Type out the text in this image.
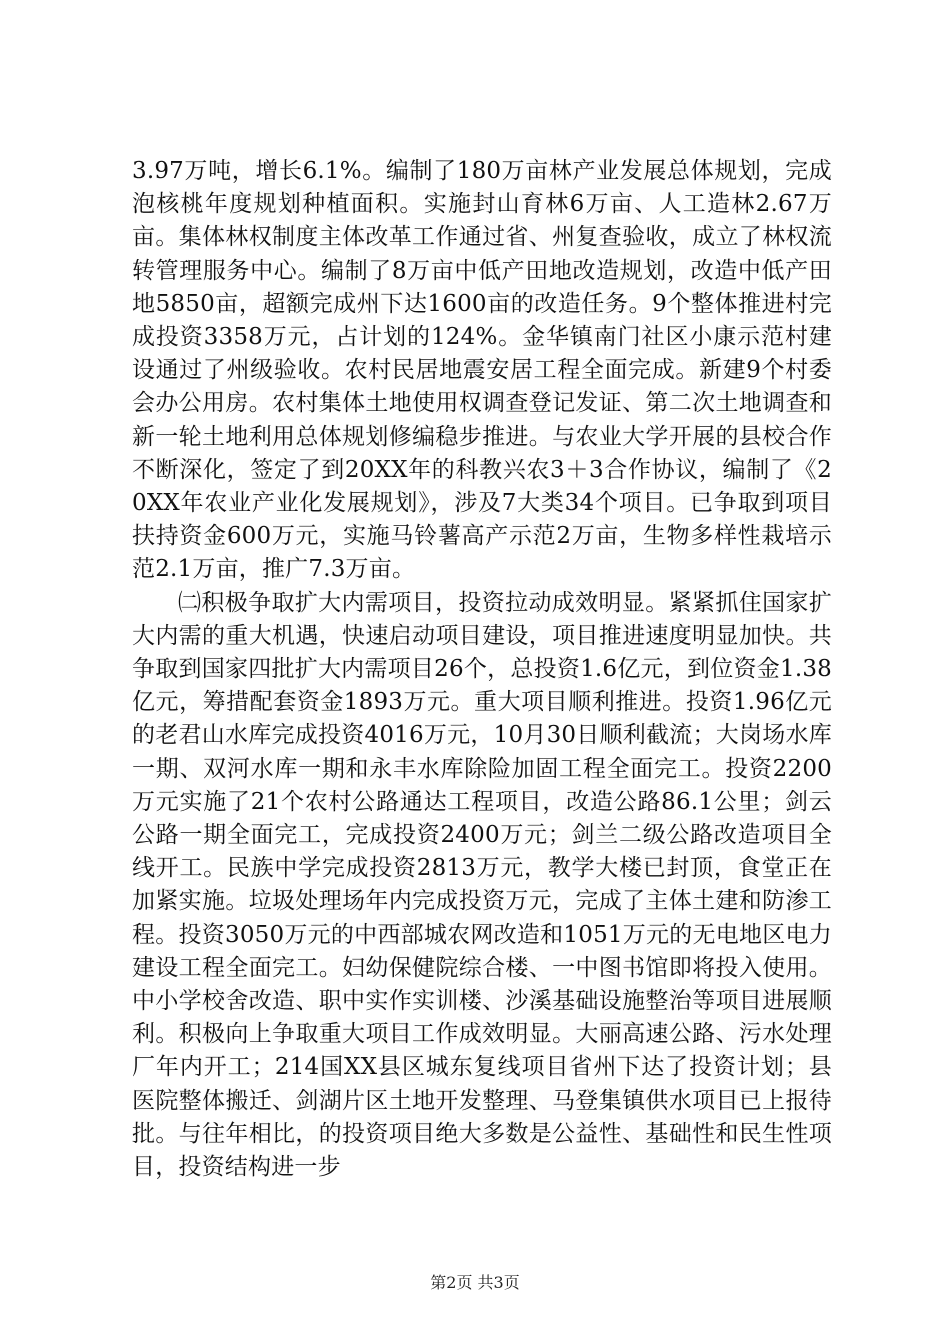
3.97万吨，增长6.1%。编制了180万亩林产业发展总体规划，完成泡核桃年度规划种植面积。实施封山育林6万亩、人工造林2.67万亩。集体林权制度主体改革工作通过省、州复查验收，成立了林权流转管理服务中心。编制了8万亩中低产田地改造规划，改造中低产田地5850亩，超额完成州下达1600亩的改造任务。9个整体推进村完成投资3358万元，占计划的124%。金华镇南门社区小康示范村建设通过了州级验收。农村民居地震安居工程全面完成。新建9个村委会办公用房。农村集体土地使用权调查登记发证、第二次土地调查和新一轮土地利用总体规划修编稳步推进。与农业大学开展的县校合作不断深化，签定了到20XX年的科教兴农3＋3合作协议，编制了《20XX年农业产业化发展规划》，涉及7大类34个项目。已争取到项目扶持资金600万元，实施马铃薯高产示范2万亩，生物多样性栽培示范2.1万亩，推广7.3万亩。

㈡积极争取扩大内需项目，投资拉动成效明显。紧紧抓住国家扩大内需的重大机遇，快速启动项目建设，项目推进速度明显加快。共争取到国家四批扩大内需项目26个，总投资1.6亿元，到位资金1.38亿元，筹措配套资金1893万元。重大项目顺利推进。投资1.96亿元的老君山水库完成投资4016万元，10月30日顺利截流；大岗场水库一期、双河水库一期和永丰水库除险加固工程全面完工。投资2200万元实施了21个农村公路通达工程项目，改造公路86.1公里；剑云公路一期全面完工，完成投资2400万元；剑兰二级公路改造项目全线开工。民族中学完成投资2813万元，教学大楼已封顶，食堂正在加紧实施。垃圾处理场年内完成投资万元，完成了主体土建和防渗工程。投资3050万元的中西部城农网改造和1051万元的无电地区电力建设工程全面完工。妇幼保健院综合楼、一中图书馆即将投入使用。中小学校舍改造、职中实作实训楼、沙溪基础设施整治等项目进展顺利。积极向上争取重大项目工作成效明显。大丽高速公路、污水处理厂年内开工；214国XX县区城东复线项目省州下达了投资计划；县医院整体搬迁、剑湖片区土地开发整理、马登集镇供水项目已上报待批。与往年相比，的投资项目绝大多数是公益性、基础性和民生性项目，投资结构进一步

第2页 共3页
